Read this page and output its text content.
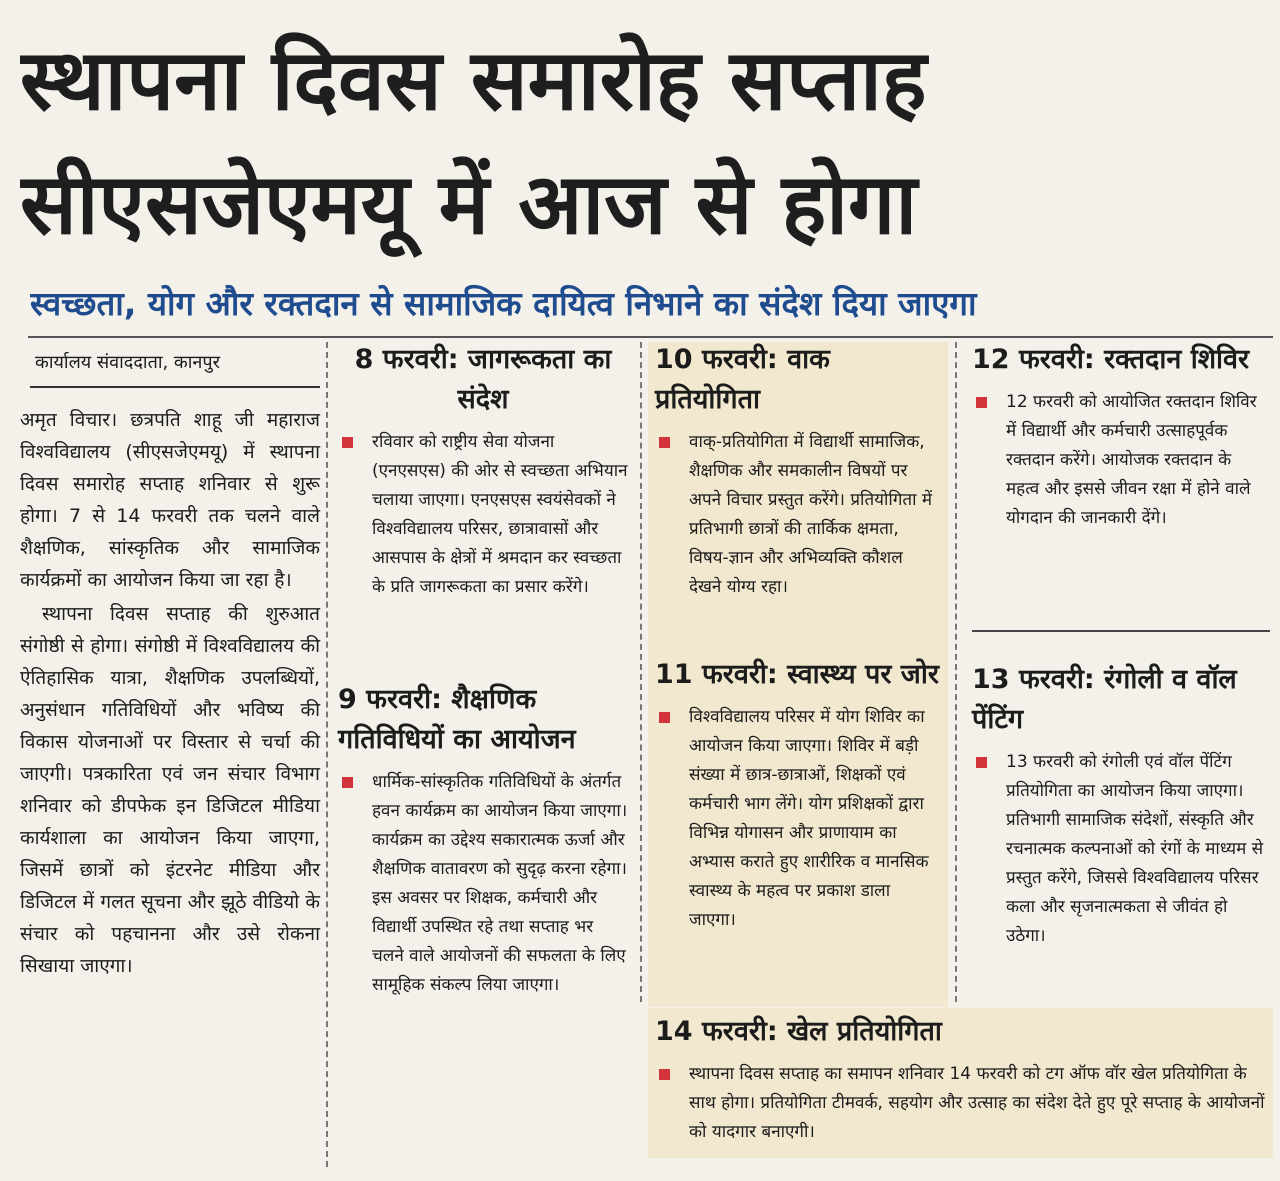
स्थापना दिवस समारोह सप्ताह
सीएसजेएमयू में आज से होगा
स्वच्छता, योग और रक्तदान से सामाजिक दायित्व निभाने का संदेश दिया जाएगा
कार्यालय संवाददाता, कानपुर

अमृत विचार। छत्रपति शाहू जी महाराज विश्वविद्यालय (सीएसजेएमयू) में स्थापना दिवस समारोह सप्ताह शनिवार से शुरू होगा। 7 से 14 फरवरी तक चलने वाले शैक्षणिक, सांस्कृतिक और सामाजिक कार्यक्रमों का आयोजन किया जा रहा है।

स्थापना दिवस सप्ताह की शुरुआत संगोष्ठी से होगा। संगोष्ठी में विश्वविद्यालय की ऐतिहासिक यात्रा, शैक्षणिक उपलब्धियों, अनुसंधान गतिविधियों और भविष्य की विकास योजनाओं पर विस्तार से चर्चा की जाएगी। पत्रकारिता एवं जन संचार विभाग शनिवार को डीपफेक इन डिजिटल मीडिया कार्यशाला का आयोजन किया जाएगा, जिसमें छात्रों को इंटरनेट मीडिया और डिजिटल में गलत सूचना और झूठे वीडियो के संचार को पहचानना और उसे रोकना सिखाया जाएगा।

8 फरवरी: जागरूकता का संदेश
रविवार को राष्ट्रीय सेवा योजना (एनएसएस) की ओर से स्वच्छता अभियान चलाया जाएगा। एनएसएस स्वयंसेवकों ने विश्वविद्यालय परिसर, छात्रावासों और आसपास के क्षेत्रों में श्रमदान कर स्वच्छता के प्रति जागरूकता का प्रसार करेंगे।
9 फरवरी: शैक्षणिक गतिविधियों का आयोजन
धार्मिक-सांस्कृतिक गतिविधियों के अंतर्गत हवन कार्यक्रम का आयोजन किया जाएगा। कार्यक्रम का उद्देश्य सकारात्मक ऊर्जा और शैक्षणिक वातावरण को सुदृढ़ करना रहेगा। इस अवसर पर शिक्षक, कर्मचारी और विद्यार्थी उपस्थित रहे तथा सप्ताह भर चलने वाले आयोजनों की सफलता के लिए सामूहिक संकल्प लिया जाएगा।
10 फरवरी: वाक प्रतियोगिता
वाक्-प्रतियोगिता में विद्यार्थी सामाजिक, शैक्षणिक और समकालीन विषयों पर अपने विचार प्रस्तुत करेंगे। प्रतियोगिता में प्रतिभागी छात्रों की तार्किक क्षमता, विषय-ज्ञान और अभिव्यक्ति कौशल देखने योग्य रहा।
11 फरवरी: स्वास्थ्य पर जोर
विश्वविद्यालय परिसर में योग शिविर का आयोजन किया जाएगा। शिविर में बड़ी संख्या में छात्र-छात्राओं, शिक्षकों एवं कर्मचारी भाग लेंगे। योग प्रशिक्षकों द्वारा विभिन्न योगासन और प्राणायाम का अभ्यास कराते हुए शारीरिक व मानसिक स्वास्थ्य के महत्व पर प्रकाश डाला जाएगा।
12 फरवरी: रक्तदान शिविर
12 फरवरी को आयोजित रक्तदान शिविर में विद्यार्थी और कर्मचारी उत्साहपूर्वक रक्तदान करेंगे। आयोजक रक्तदान के महत्व और इससे जीवन रक्षा में होने वाले योगदान की जानकारी देंगे।
13 फरवरी: रंगोली व वॉल पेंटिंग
13 फरवरी को रंगोली एवं वॉल पेंटिंग प्रतियोगिता का आयोजन किया जाएगा। प्रतिभागी सामाजिक संदेशों, संस्कृति और रचनात्मक कल्पनाओं को रंगों के माध्यम से प्रस्तुत करेंगे, जिससे विश्वविद्यालय परिसर कला और सृजनात्मकता से जीवंत हो उठेगा।
14 फरवरी: खेल प्रतियोगिता
स्थापना दिवस सप्ताह का समापन शनिवार 14 फरवरी को टग ऑफ वॉर खेल प्रतियोगिता के साथ होगा। प्रतियोगिता टीमवर्क, सहयोग और उत्साह का संदेश देते हुए पूरे सप्ताह के आयोजनों को यादगार बनाएगी।
